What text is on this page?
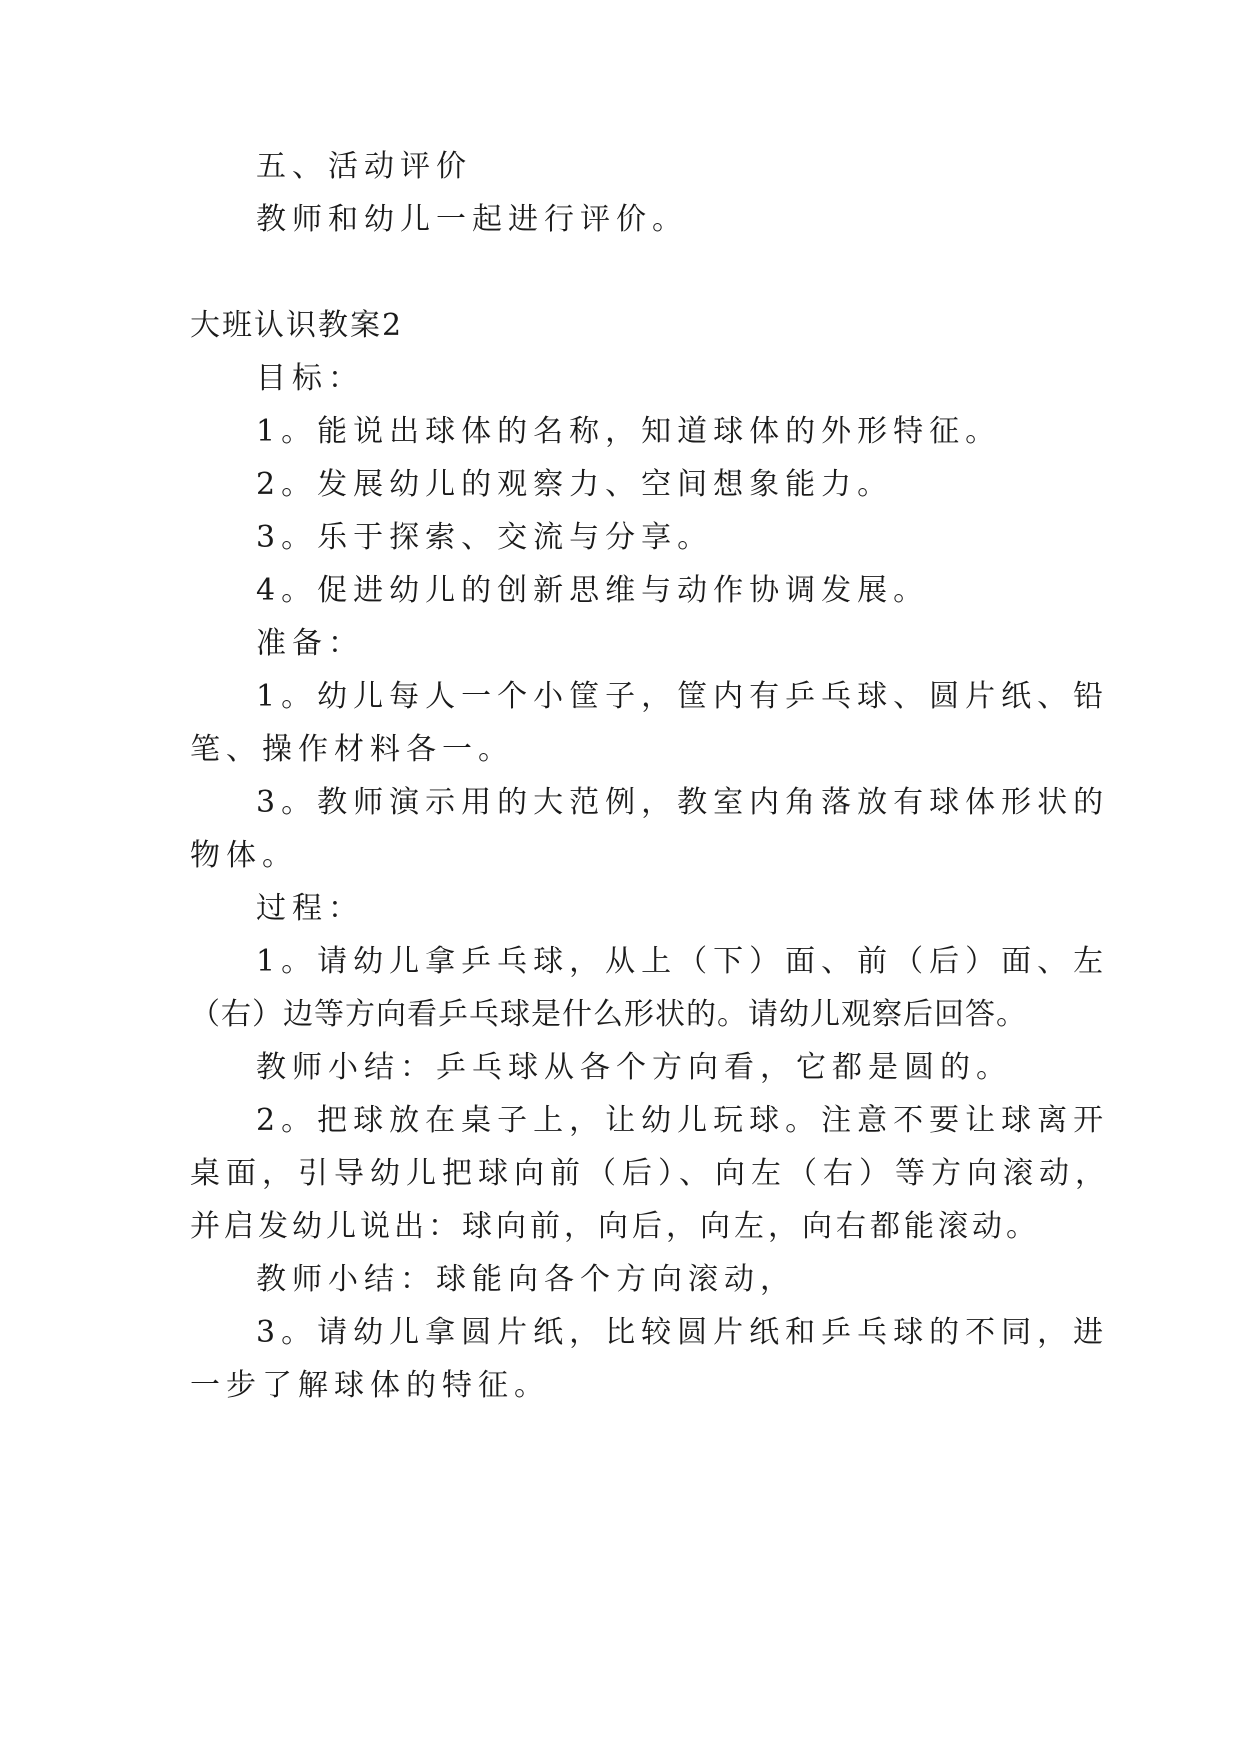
五、活动评价
教师和幼儿一起进行评价。
大班认识教案2
目标：
1。能说出球体的名称，知道球体的外形特征。
2。发展幼儿的观察力、空间想象能力。
3。乐于探索、交流与分享。
4。促进幼儿的创新思维与动作协调发展。
准备：
1。幼儿每人一个小筐子，筐内有乒乓球、圆片纸、铅
笔、操作材料各一。
3。教师演示用的大范例，教室内角落放有球体形状的
物体。
过程：
1。请幼儿拿乒乓球，从上（下）面、前（后）面、左
（右）边等方向看乒乓球是什么形状的。请幼儿观察后回答。
教师小结：乒乓球从各个方向看，它都是圆的。
2。把球放在桌子上，让幼儿玩球。注意不要让球离开
桌面，引导幼儿把球向前（后）、向左（右）等方向滚动，
并启发幼儿说出：球向前，向后，向左，向右都能滚动。
教师小结：球能向各个方向滚动，
3。请幼儿拿圆片纸，比较圆片纸和乒乓球的不同，进
一步了解球体的特征。
